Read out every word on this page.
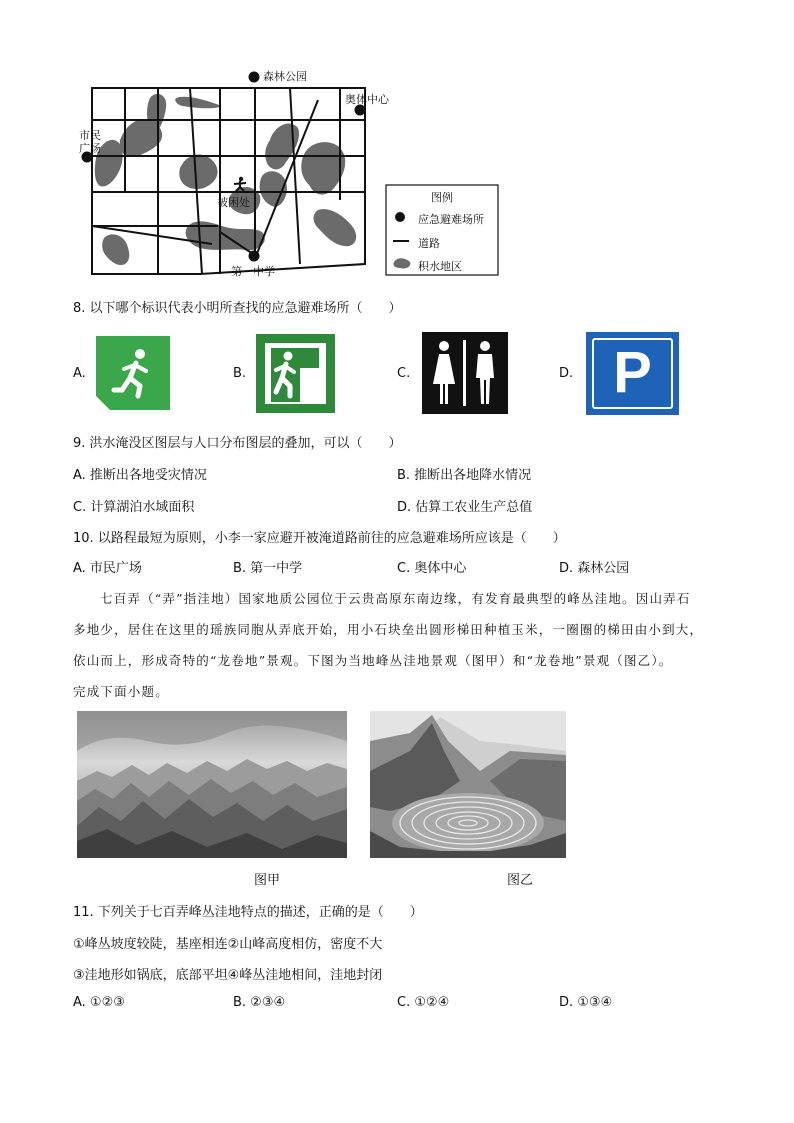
森林公园
奥体中心
市民
广场
被困处
第一中学
图例
应急避难场所
道路
积水地区
8. 以下哪个标识代表小明所查找的应急避难场所（　　）
A.	B.	C.	D. P
9. 洪水淹没区图层与人口分布图层的叠加，可以（　　）
A. 推断出各地受灾情况	B. 推断出各地降水情况
C. 计算湖泊水域面积	D. 估算工农业生产总值
10. 以路程最短为原则，小李一家应避开被淹道路前往的应急避难场所应该是（　　）
A. 市民广场	B. 第一中学	C. 奥体中心	D. 森林公园
七百弄（“弄”指洼地）国家地质公园位于云贵高原东南边缘，有发育最典型的峰丛洼地。因山弄石
多地少，居住在这里的瑶族同胞从弄底开始，用小石块垒出圆形梯田种植玉米，一圈圈的梯田由小到大，
依山而上，形成奇特的“龙卷地”景观。下图为当地峰丛洼地景观（图甲）和“龙卷地”景观（图乙）。
完成下面小题。
图甲	图乙
11. 下列关于七百弄峰丛洼地特点的描述，正确的是（　　）
①峰丛坡度较陡，基座相连②山峰高度相仿，密度不大
③洼地形如锅底，底部平坦④峰丛洼地相间，洼地封闭
A. ①②③	B. ②③④	C. ①②④	D. ①③④
